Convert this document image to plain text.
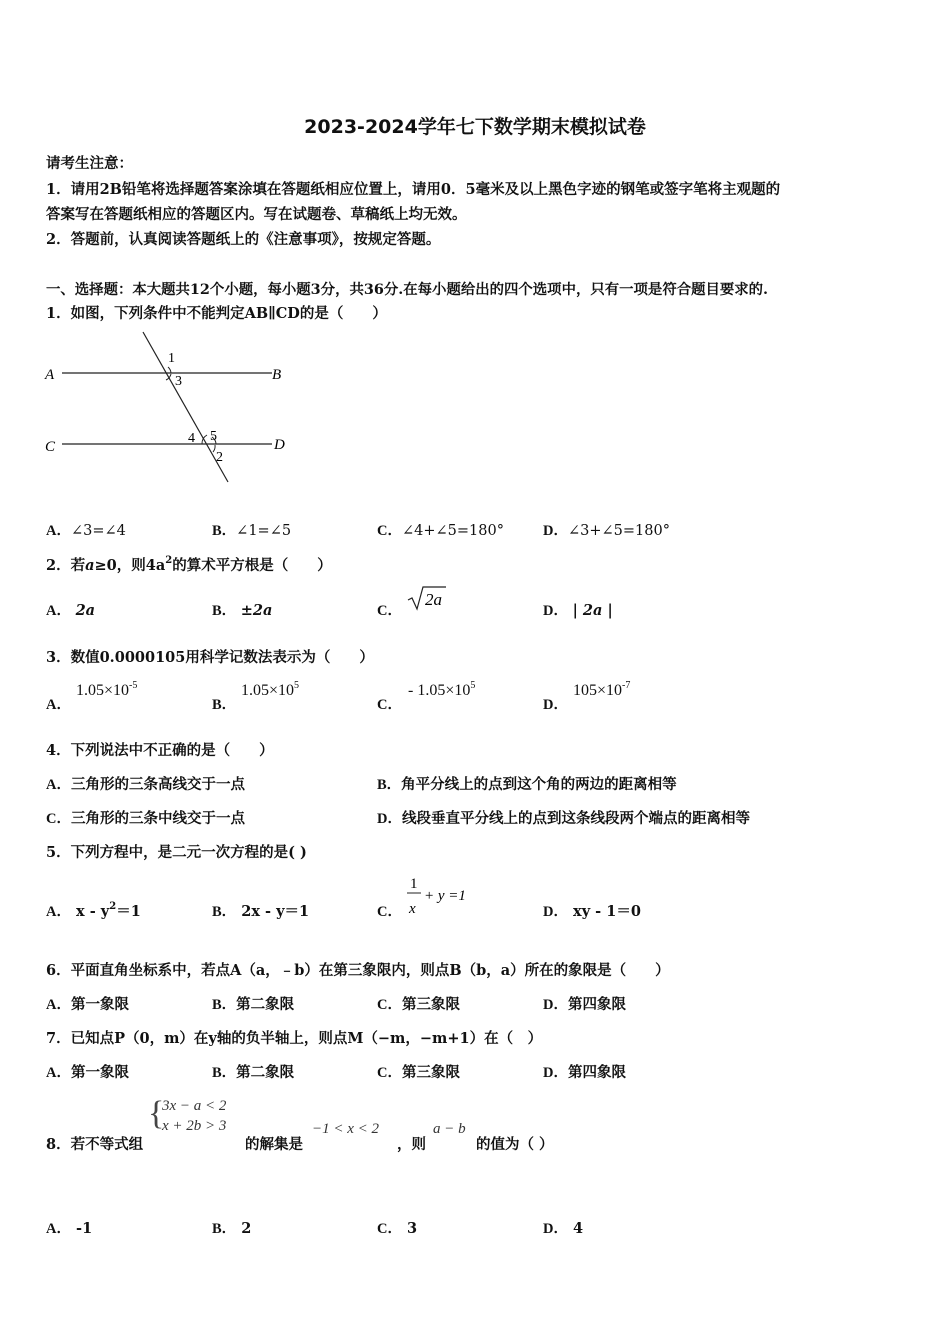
2023-2024学年七下数学期末模拟试卷
请考生注意：
1．请用2B铅笔将选择题答案涂填在答题纸相应位置上，请用0．5毫米及以上黑色字迹的钢笔或签字笔将主观题的
答案写在答题纸相应的答题区内。写在试题卷、草稿纸上均无效。
2．答题前，认真阅读答题纸上的《注意事项》，按规定答题。
一、选择题：本大题共12个小题，每小题3分，共36分.在每小题给出的四个选项中，只有一项是符合题目要求的.
1．如图，下列条件中不能判定AB∥CD的是（　　）
A	B
C	D
1
3
4 5
2
A．∠3=∠4	B．∠1=∠5	C．∠4+∠5=180°	D．∠3+∠5=180°
2．若a≥0，则$4a^2$的算术平方根是（　　）
A． 2a	B． ±2a	C．
2a
D． | 2a |
3．数值0.0000105用科学记数法表示为（　　）
A．
$1.05\times 10^{-5}$
B．
$1.05\times 10^5$
C．
- $1.05\times 10^5$
D．
$105\times 10^{-7}$
4．下列说法中不正确的是（　　）
A．三角形的三条高线交于一点	B．角平分线上的点到这个角的两边的距离相等
C．三角形的三条中线交于一点	D．线段垂直平分线上的点到这条线段两个端点的距离相等
5．下列方程中，是二元一次方程的是( )
A． $x - y^2=1$	B． 2x - y＝1	C．
1
x
+ y =1
D． xy - 1＝0
6．平面直角坐标系中，若点A（a，﹣b）在第三象限内，则点B（b，a）所在的象限是（　　）
A．第一象限	B．第二象限	C．第三象限	D．第四象限
7．已知点P（0，m）在y轴的负半轴上，则点M（−m，−m+1）在（　）
A．第一象限	B．第二象限	C．第三象限	D．第四象限
8．若不等式组
{
3x − a < 2
x + 2b > 3
的解集是
−1 < x < 2
，则
a − b
的值为（ ）
A． -1	B． 2	C． 3	D． 4
